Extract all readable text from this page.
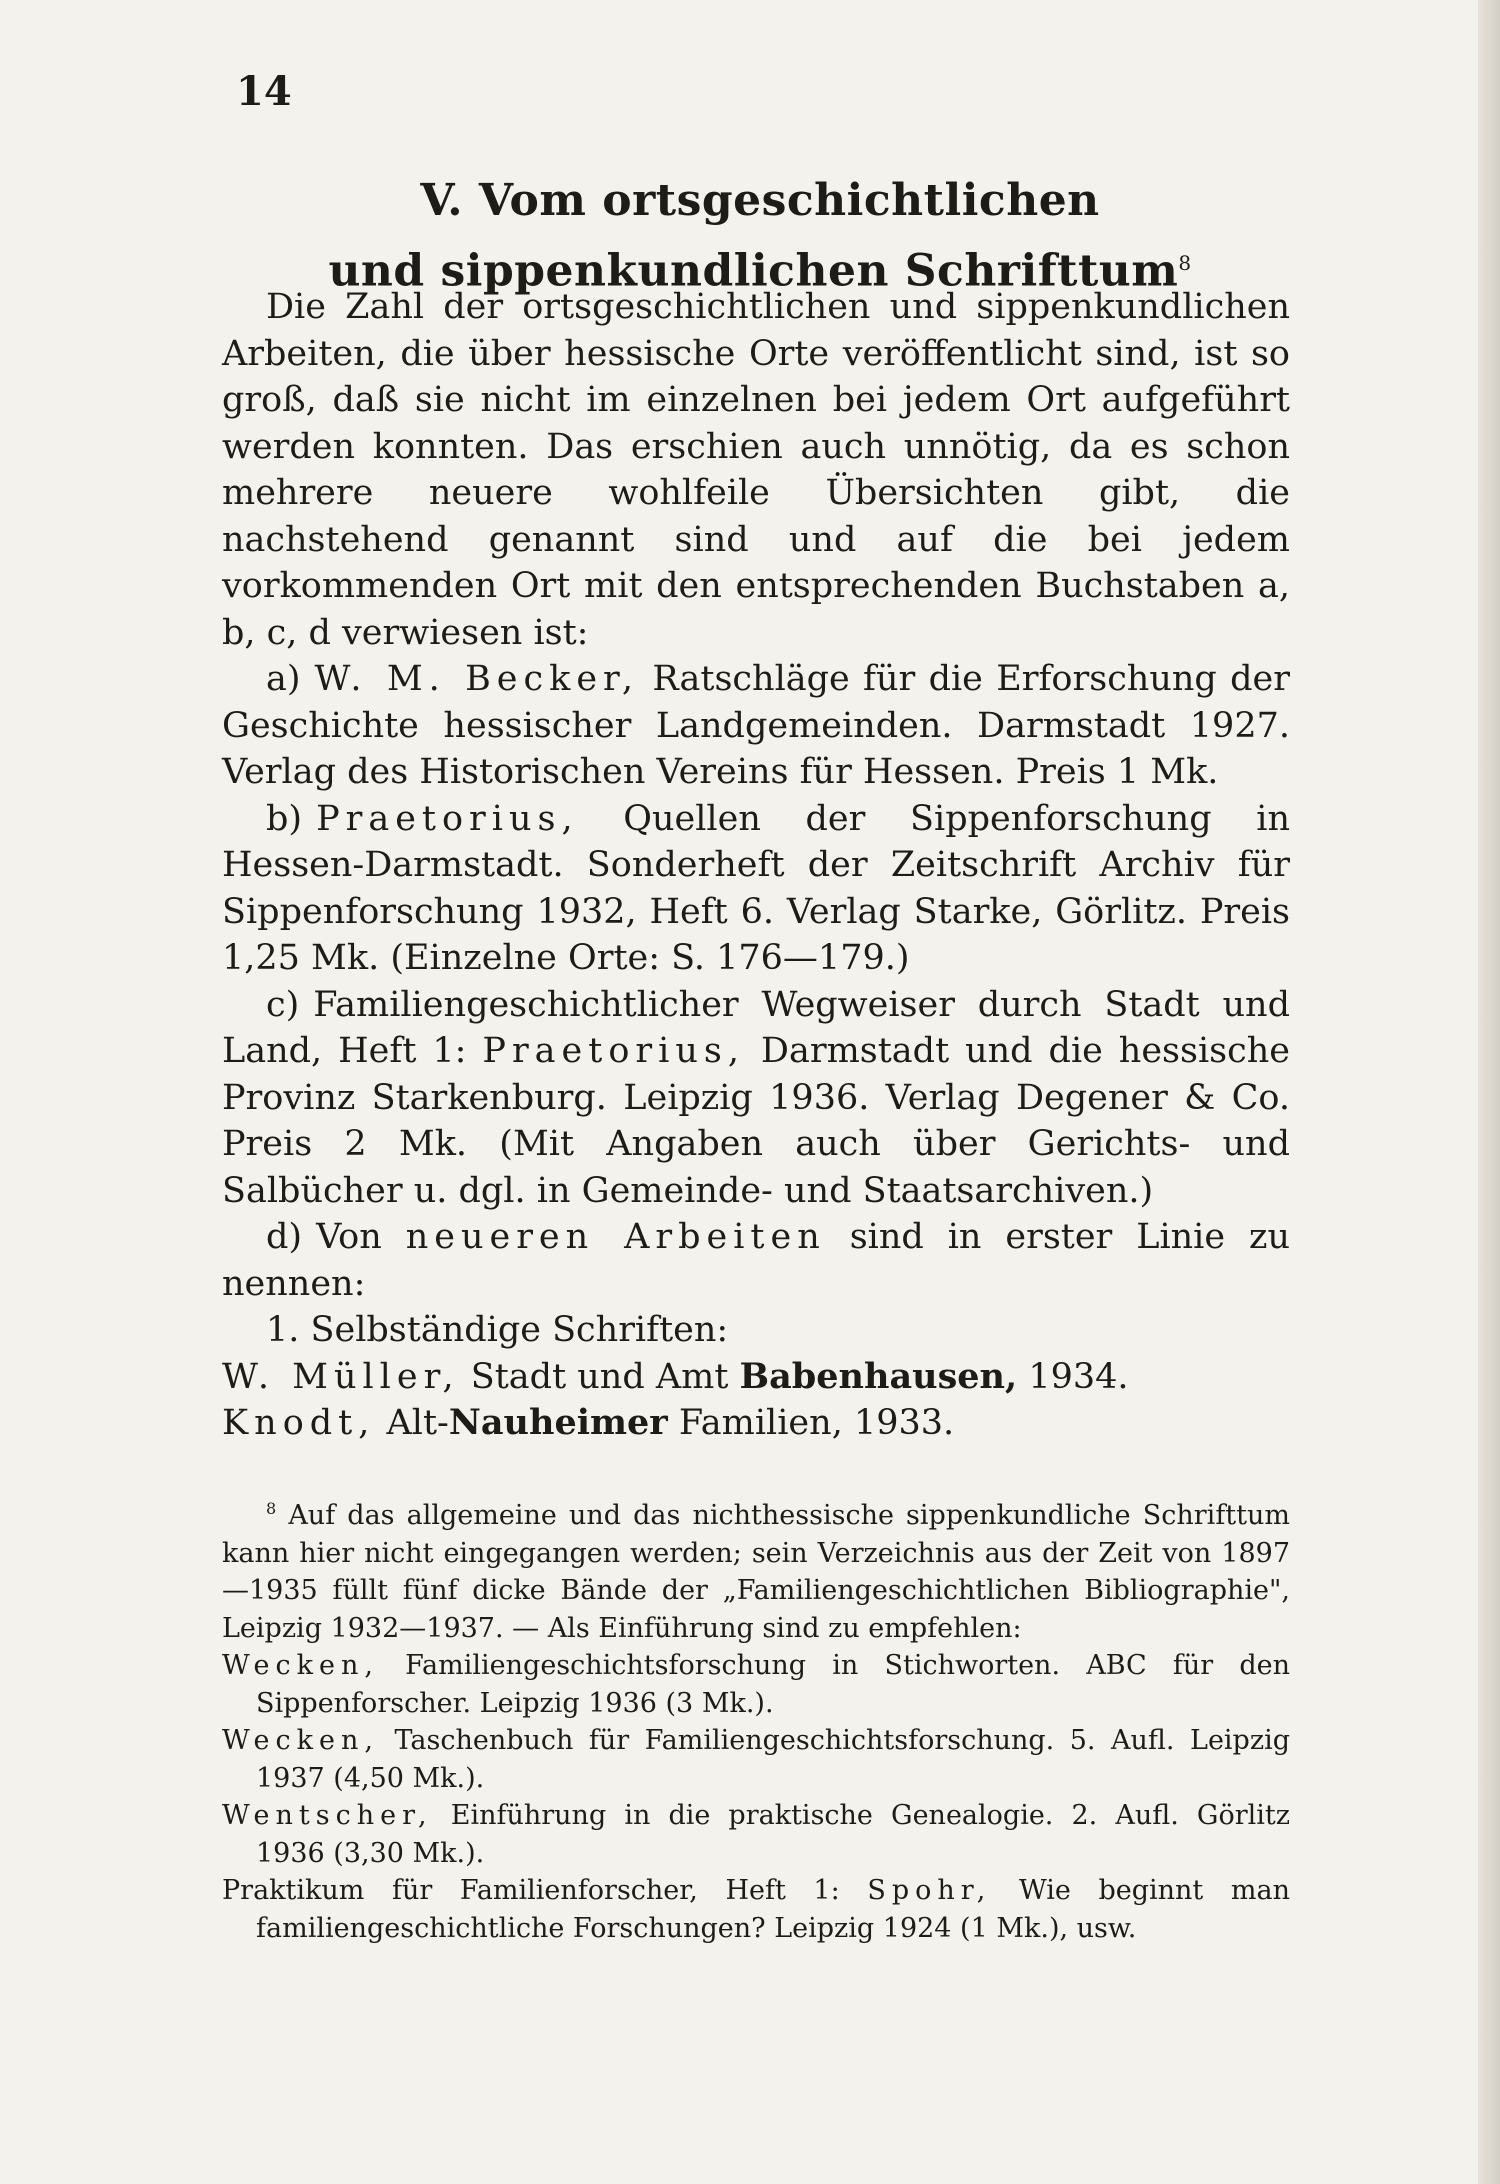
14
V. Vom ortsgeschichtlichen
und sippenkundlichen Schrifttum$^8$

Die Zahl der ortsgeschichtlichen und sippenkundlichen Arbeiten, die über hessische Orte veröffentlicht sind, ist so groß, daß sie nicht im einzelnen bei jedem Ort aufgeführt werden konnten. Das erschien auch unnötig, da es schon mehrere neuere wohlfeile Übersichten gibt, die nachstehend genannt sind und auf die bei jedem vorkommenden Ort mit den entsprechenden Buchstaben a, b, c, d verwiesen ist:

a) W. M. Becker, Ratschläge für die Erforschung der Geschichte hessischer Landgemeinden. Darmstadt 1927. Verlag des Historischen Vereins für Hessen. Preis 1 Mk.

b) Praetorius, Quellen der Sippenforschung in Hessen-Darmstadt. Sonderheft der Zeitschrift Archiv für Sippenforschung 1932, Heft 6. Verlag Starke, Görlitz. Preis 1,25 Mk. (Einzelne Orte: S. 176—179.)

c) Familiengeschichtlicher Wegweiser durch Stadt und Land, Heft 1: Praetorius, Darmstadt und die hessische Provinz Starkenburg. Leipzig 1936. Verlag Degener & Co. Preis 2 Mk. (Mit Angaben auch über Gerichts- und Salbücher u. dgl. in Gemeinde- und Staatsarchiven.)

d) Von neueren Arbeiten sind in erster Linie zu nennen:

1. Selbständige Schriften:

W. Müller, Stadt und Amt Babenhausen, 1934.

Knodt, Alt-Nauheimer Familien, 1933.

$^8$ Auf das allgemeine und das nichthessische sippenkundliche Schrifttum kann hier nicht eingegangen werden; sein Verzeichnis aus der Zeit von 1897—1935 füllt fünf dicke Bände der „Familiengeschichtlichen Bibliographie", Leipzig 1932—1937. — Als Einführung sind zu empfehlen:

Wecken, Familiengeschichtsforschung in Stichworten. ABC für den Sippenforscher. Leipzig 1936 (3 Mk.).

Wecken, Taschenbuch für Familiengeschichtsforschung. 5. Aufl. Leipzig 1937 (4,50 Mk.).

Wentscher, Einführung in die praktische Genealogie. 2. Aufl. Görlitz 1936 (3,30 Mk.).

Praktikum für Familienforscher, Heft 1: Spohr, Wie beginnt man familiengeschichtliche Forschungen? Leipzig 1924 (1 Mk.), usw.
